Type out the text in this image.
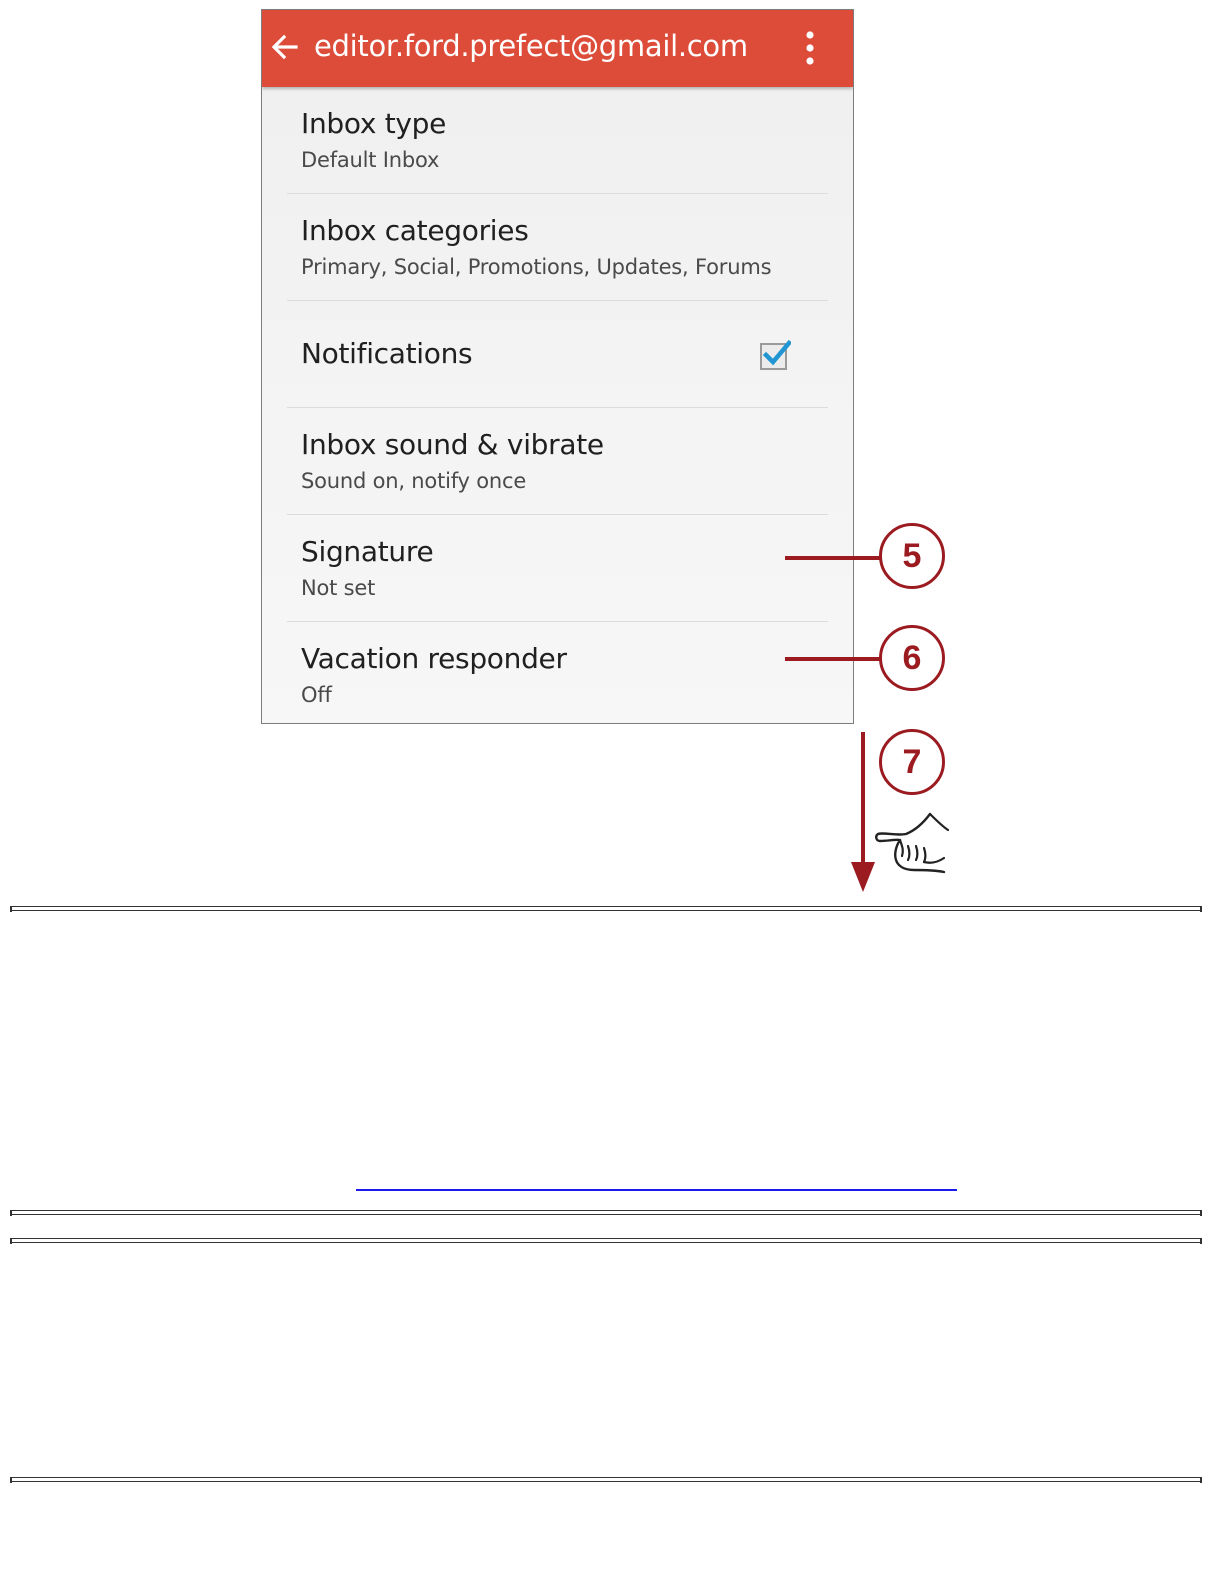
editor.ford.prefect@gmail.com
Inbox type
Default Inbox
Inbox categories
Primary, Social, Promotions, Updates, Forums
Notifications
Inbox sound & vibrate
Sound on, notify once
Signature
Not set
Vacation responder
Off
5
6
7
